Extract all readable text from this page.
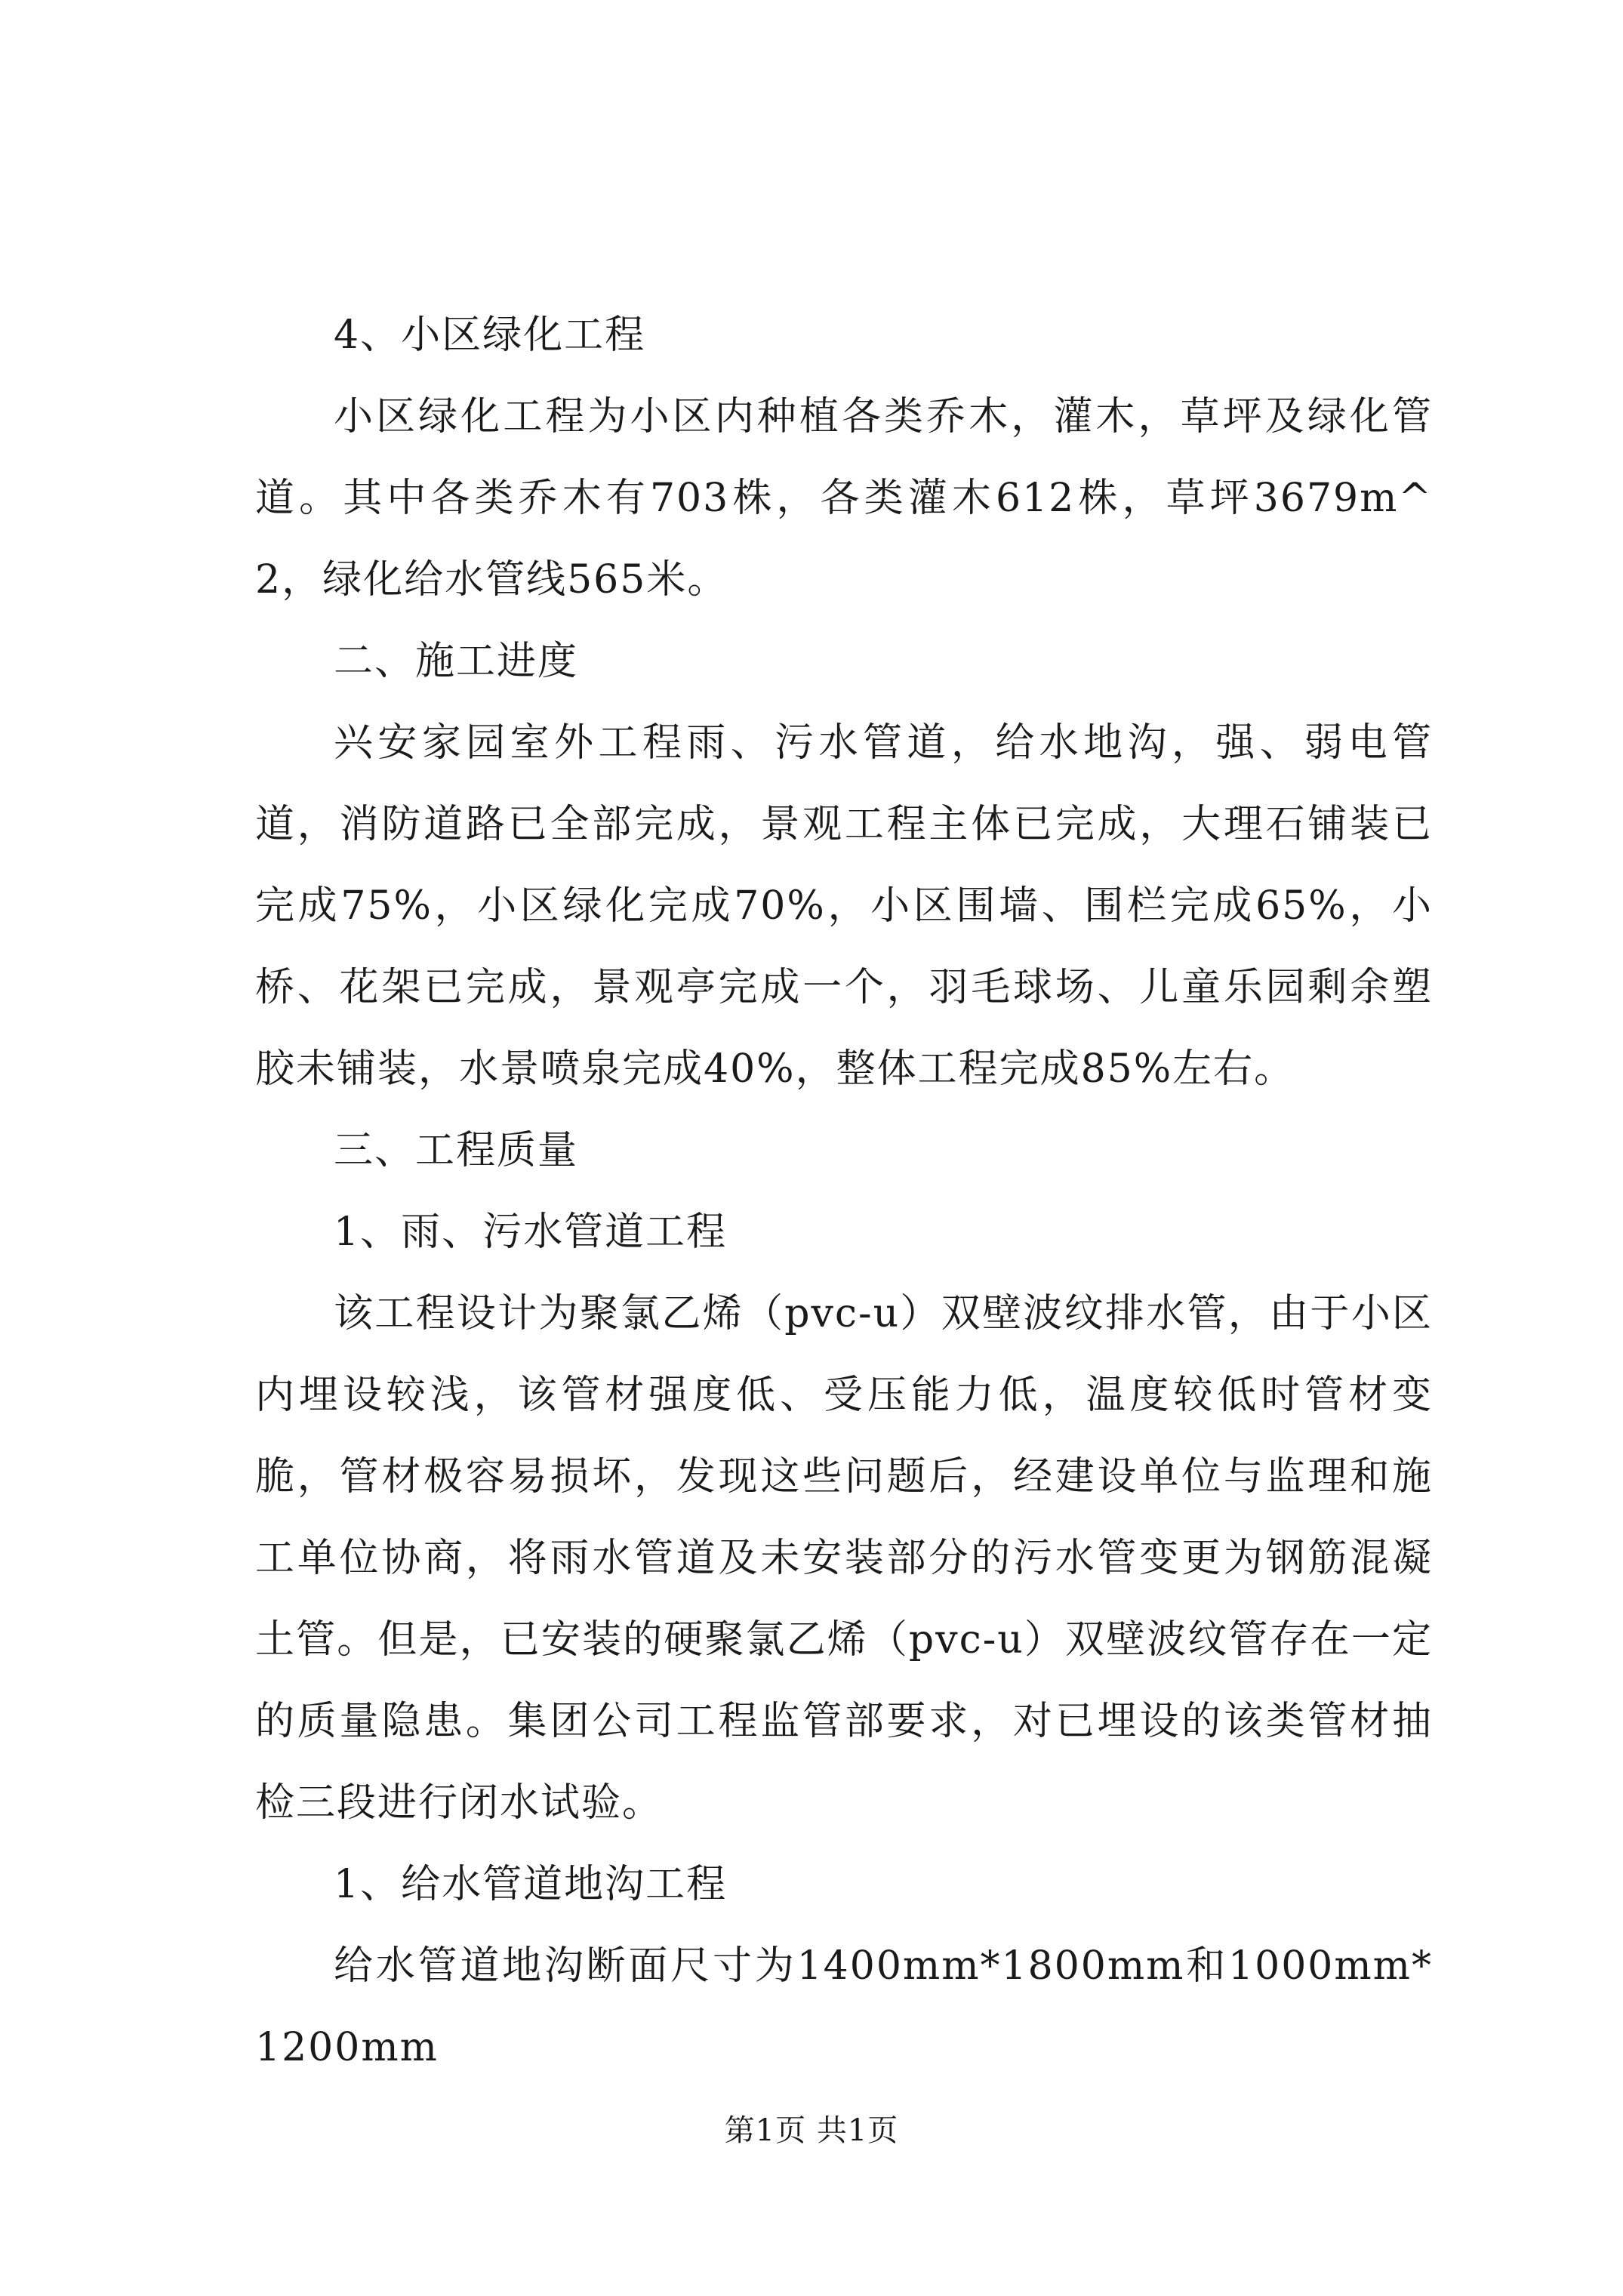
4、小区绿化工程

小区绿化工程为小区内种植各类乔木，灌木，草坪及绿化管道。其中各类乔木有703株，各类灌木612株，草坪3679m^2，绿化给水管线565米。

二、施工进度

兴安家园室外工程雨、污水管道，给水地沟，强、弱电管道，消防道路已全部完成，景观工程主体已完成，大理石铺装已完成75%，小区绿化完成70%，小区围墙、围栏完成65%，小桥、花架已完成，景观亭完成一个，羽毛球场、儿童乐园剩余塑胶未铺装，水景喷泉完成40%，整体工程完成85%左右。

三、工程质量

1、雨、污水管道工程

该工程设计为聚氯乙烯（pvc-u）双壁波纹排水管，由于小区内埋设较浅，该管材强度低、受压能力低，温度较低时管材变脆，管材极容易损坏，发现这些问题后，经建设单位与监理和施工单位协商，将雨水管道及未安装部分的污水管变更为钢筋混凝土管。但是，已安装的硬聚氯乙烯（pvc-u）双壁波纹管存在一定的质量隐患。集团公司工程监管部要求，对已埋设的该类管材抽检三段进行闭水试验。

1、给水管道地沟工程

给水管道地沟断面尺寸为1400mm*1800mm和1000mm*1200mm

第1页 共1页
